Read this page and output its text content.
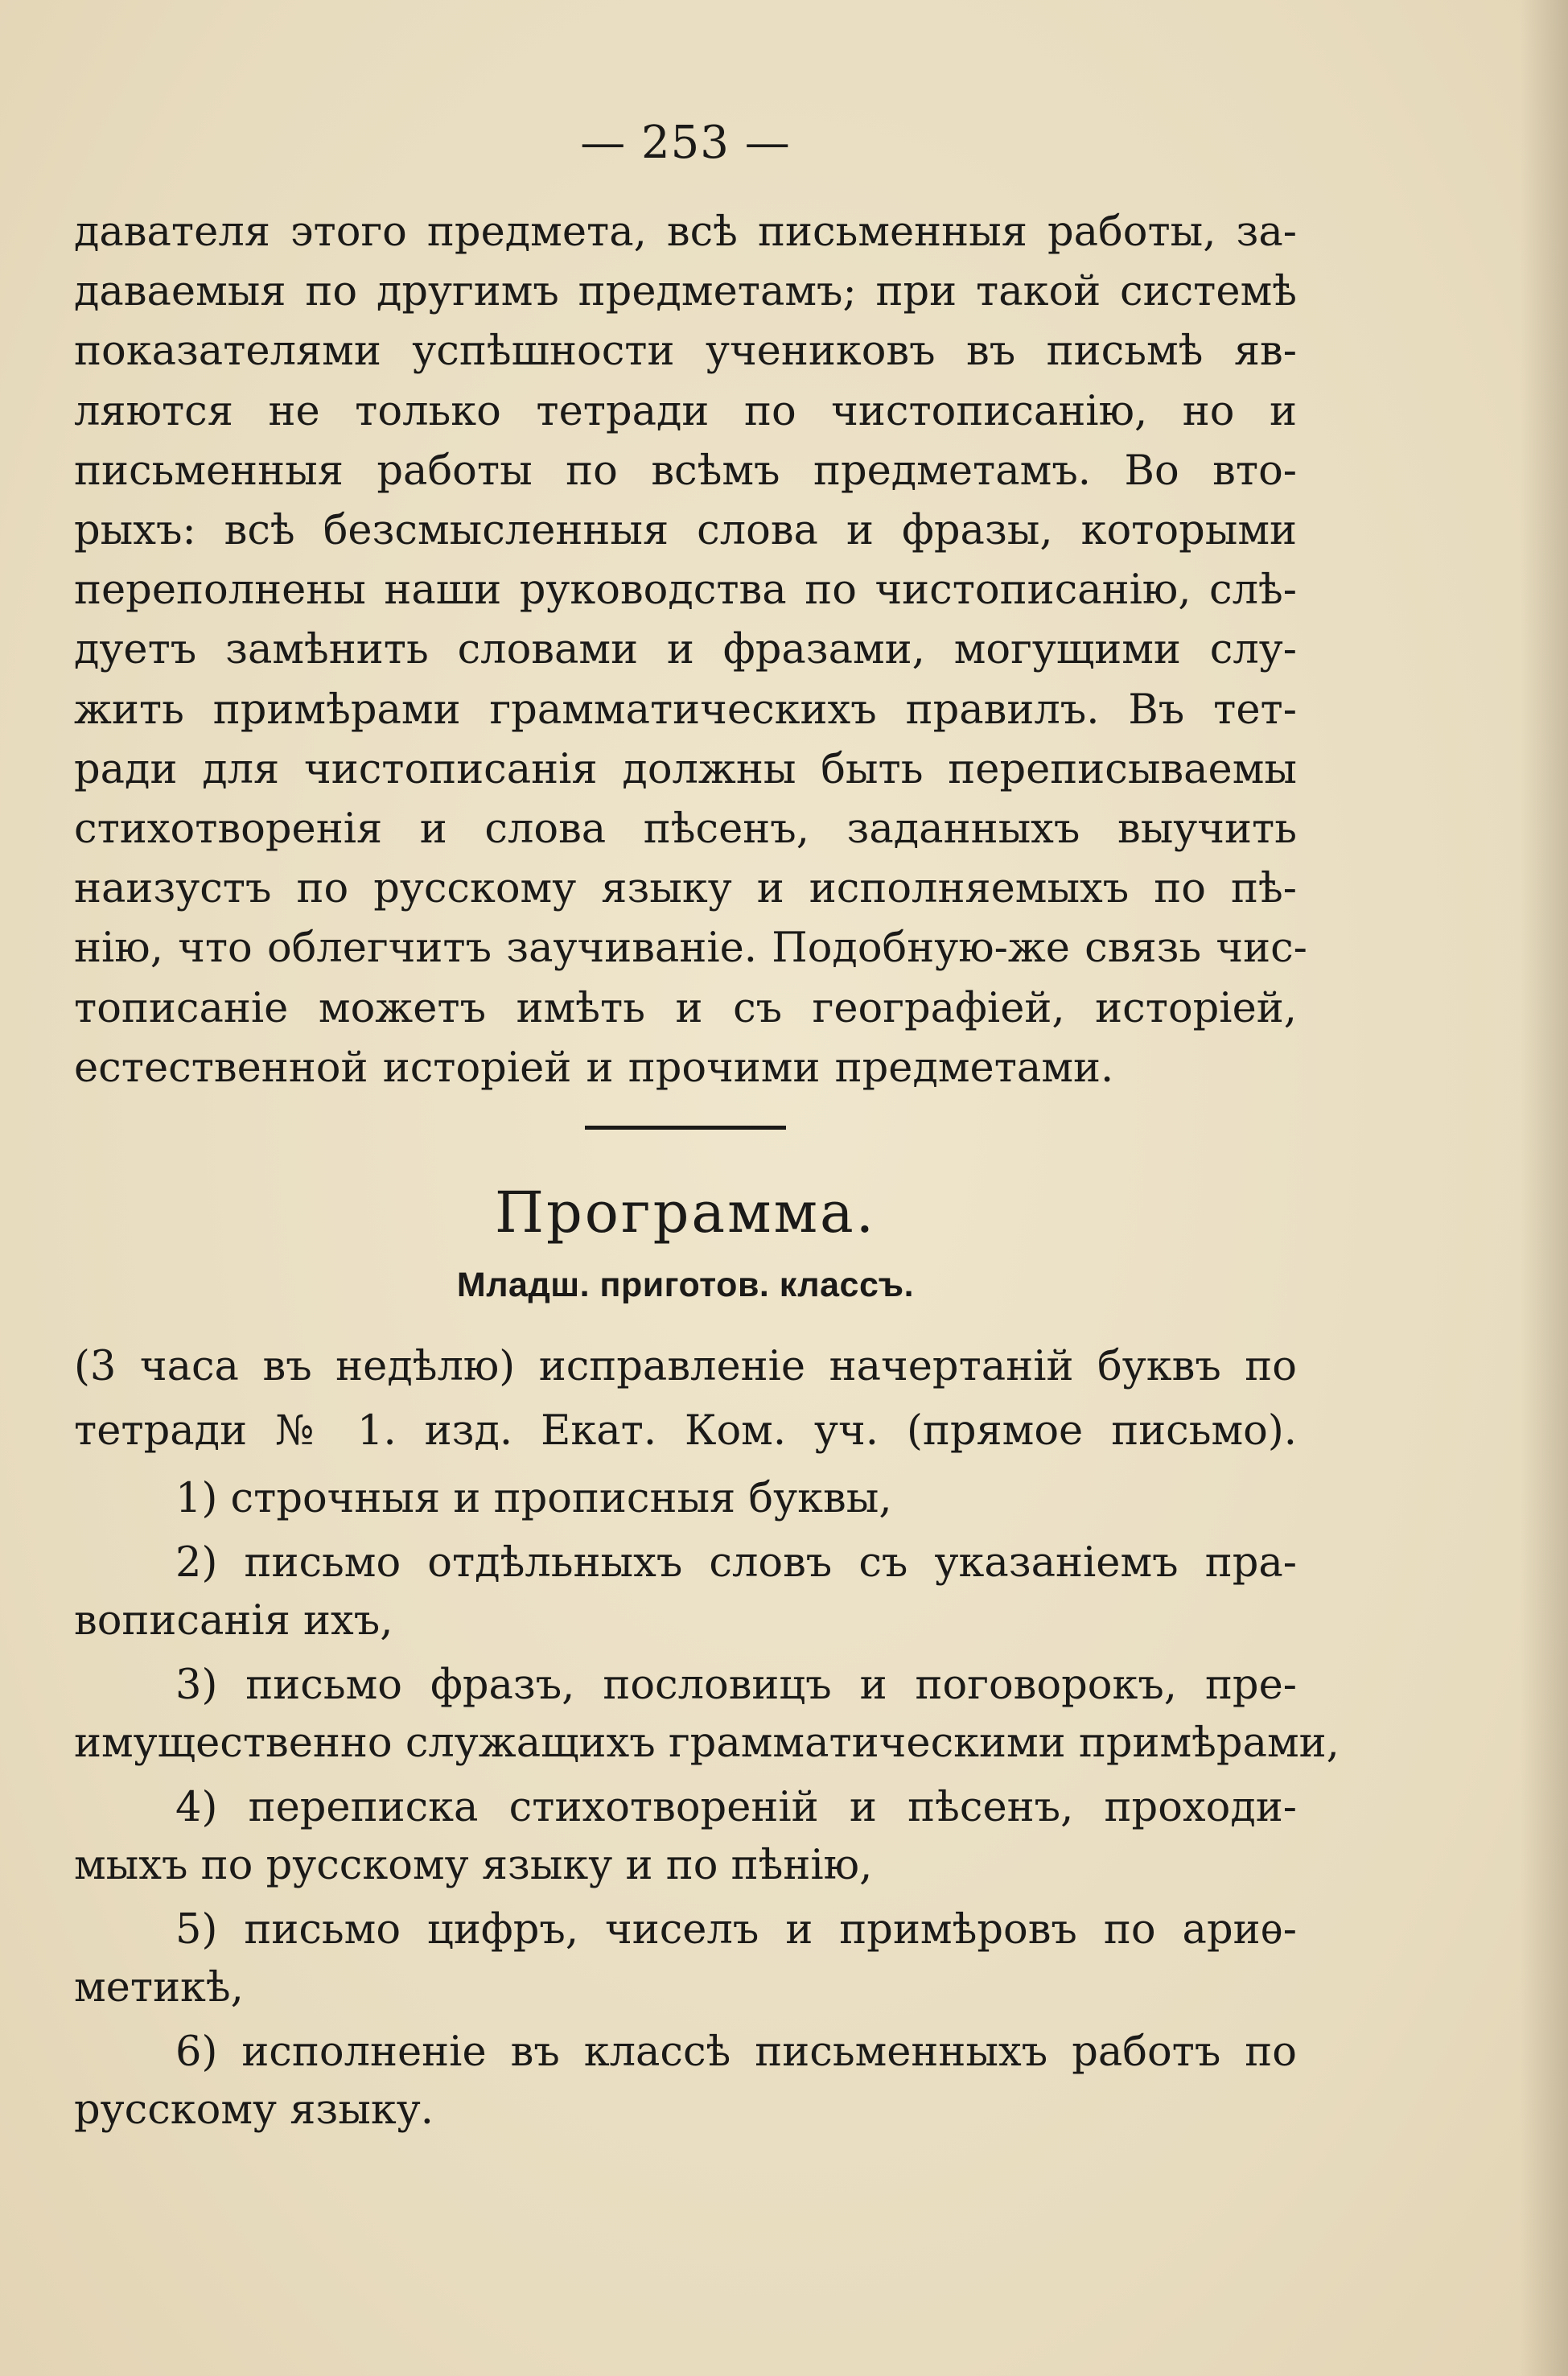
— 253 —

давателя этого предмета, всѣ письменныя работы, за-
даваемыя по другимъ предметамъ; при такой системѣ
показателями успѣшности учениковъ въ письмѣ яв-
ляются не только тетради по чистописанію, но и
письменныя работы по всѣмъ предметамъ. Во вто-
рыхъ: всѣ безсмысленныя слова и фразы, которыми
переполнены наши руководства по чистописанію, слѣ-
дуетъ замѣнить словами и фразами, могущими слу-
жить примѣрами грамматическихъ правилъ. Въ тет-
ради для чистописанія должны быть переписываемы
стихотворенія и слова пѣсенъ, заданныхъ выучить
наизустъ по русскому языку и исполняемыхъ по пѣ-
нію, что облегчитъ заучиваніе. Подобную-же связь чис-
тописаніе можетъ имѣть и съ географіей, исторіей,
естественной исторіей и прочими предметами.

Программа.
Младш. приготов. классъ.

(3 часа въ недѣлю) исправленіе начертаній буквъ по
тетради № 1. изд. Екат. Ком. уч. (прямое письмо).

1) строчныя и прописныя буквы,

2) письмо отдѣльныхъ словъ съ указаніемъ пра-
вописанія ихъ,

3) письмо фразъ, пословицъ и поговорокъ, пре-
имущественно служащихъ грамматическими примѣрами,

4) переписка стихотвореній и пѣсенъ, проходи-
мыхъ по русскому языку и по пѣнію,

5) письмо цифръ, чиселъ и примѣровъ по ариѳ-
метикѣ,

6) исполненіе въ классѣ письменныхъ работъ по
русскому языку.
